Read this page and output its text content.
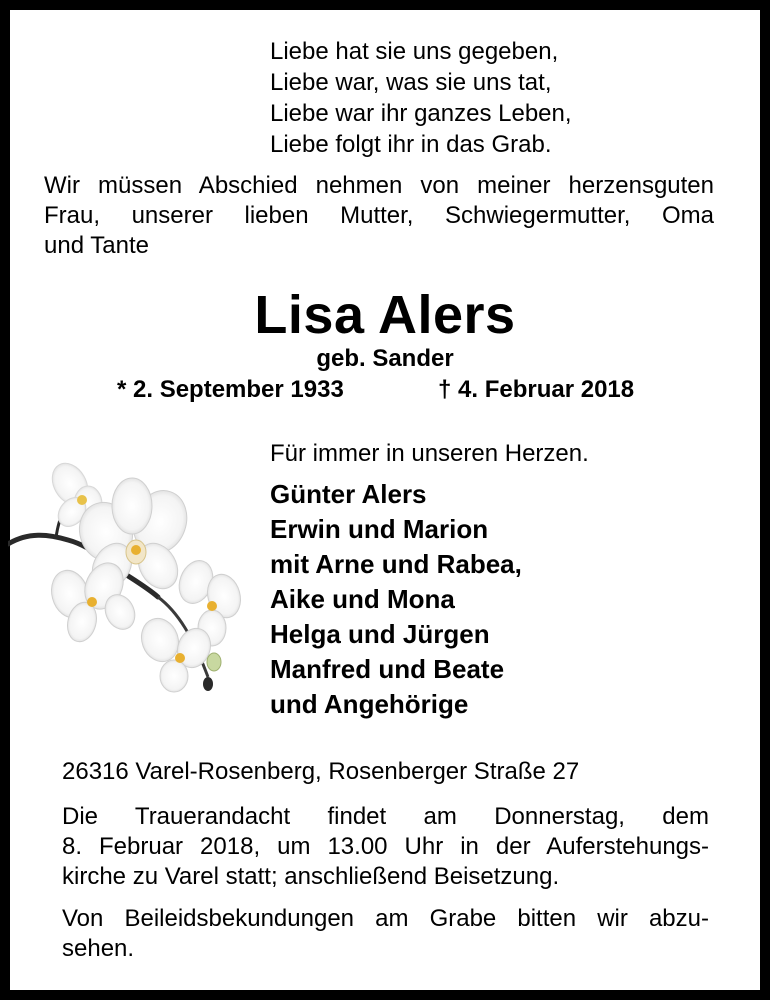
Liebe hat sie uns gegeben,
Liebe war, was sie uns tat,
Liebe war ihr ganzes Leben,
Liebe folgt ihr in das Grab.
Wir müssen Abschied nehmen von meiner herzensguten
Frau, unserer lieben Mutter, Schwiegermutter, Oma
und Tante
Lisa Alers
geb. Sander
* 2. September 1933	† 4. Februar 2018
Für immer in unseren Herzen.
Günter Alers
Erwin und Marion
mit Arne und Rabea,
Aike und Mona
Helga und Jürgen
Manfred und Beate
und Angehörige
26316 Varel-Rosenberg, Rosenberger Straße 27
Die Trauerandacht findet am Donnerstag, dem
8. Februar 2018, um 13.00 Uhr in der Auferstehungs-
kirche zu Varel statt; anschließend Beisetzung.
Von Beileidsbekundungen am Grabe bitten wir abzu-
sehen.
